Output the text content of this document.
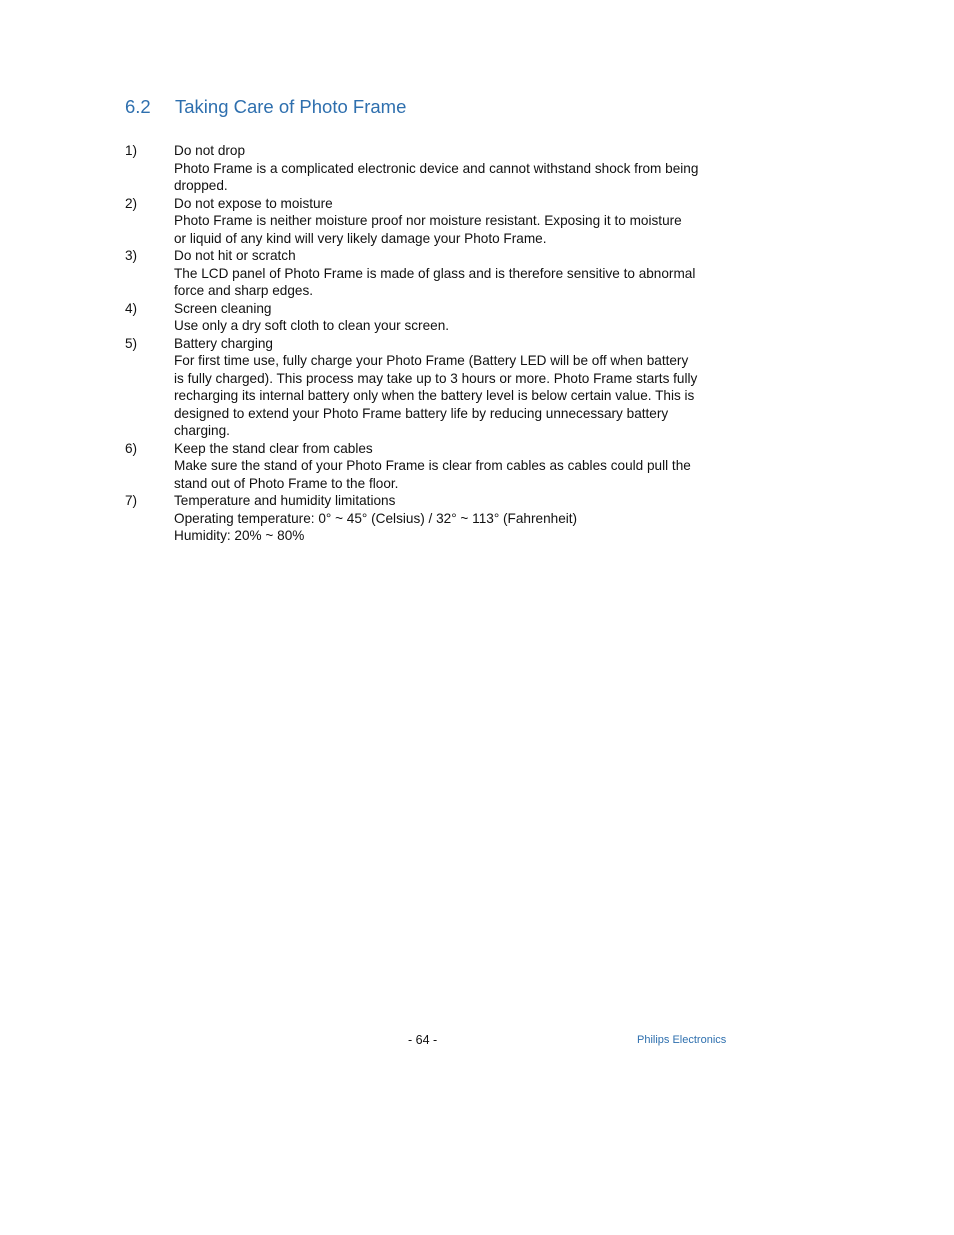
6.2 Taking Care of Photo Frame
1)	Do not drop
Photo Frame is a complicated electronic device and cannot withstand shock from being
dropped.
2)	Do not expose to moisture
Photo Frame is neither moisture proof nor moisture resistant. Exposing it to moisture
or liquid of any kind will very likely damage your Photo Frame.
3)	Do not hit or scratch
The LCD panel of Photo Frame is made of glass and is therefore sensitive to abnormal
force and sharp edges.
4)	Screen cleaning
Use only a dry soft cloth to clean your screen.
5)	Battery charging
For first time use, fully charge your Photo Frame (Battery LED will be off when battery
is fully charged). This process may take up to 3 hours or more. Photo Frame starts fully
recharging its internal battery only when the battery level is below certain value. This is
designed to extend your Photo Frame battery life by reducing unnecessary battery
charging.
6)	Keep the stand clear from cables
Make sure the stand of your Photo Frame is clear from cables as cables could pull the
stand out of Photo Frame to the floor.
7)	Temperature and humidity limitations
Operating temperature: 0° ~ 45° (Celsius) / 32° ~ 113° (Fahrenheit)
Humidity: 20% ~ 80%
- 64 -	Philips Electronics
